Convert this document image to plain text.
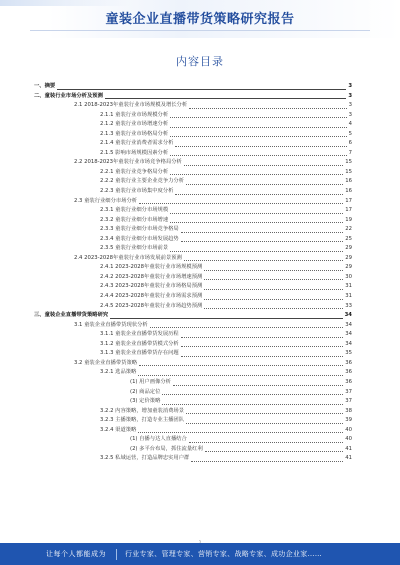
童装企业直播带货策略研究报告
内容目录
一、摘要	3
二、童装行业市场分析及预测	3
2.1 2018-2023年童装行业市场规模及增长分析	3
2.1.1 童装行业市场规模分析	3
2.1.2 童装行业市场增速分析	4
2.1.3 童装行业市场格局分析	5
2.1.4 童装行业消费者需求分析	6
2.1.5 影响市场规模因素分析	7
2.2 2018-2023年童装行业市场竞争格局分析	15
2.2.1 童装行业竞争格局分析	15
2.2.2 童装行业主要企业竞争力分析	16
2.2.3 童装行业市场集中度分析	16
2.3 童装行业细分市场分析	17
2.3.1 童装行业细分市场规模	17
2.3.2 童装行业细分市场增速	19
2.3.3 童装行业细分市场竞争格局	22
2.3.4 童装行业细分市场发展趋势	25
2.3.5 童装行业细分市场前景	29
2.4 2023-2028年童装行业市场发展前景预测	29
2.4.1 2023-2028年童装行业市场规模预测	29
2.4.2 2023-2028年童装行业市场增速预测	30
2.4.3 2023-2028年童装行业市场格局预测	31
2.4.4 2023-2028年童装行业市场需求预测	31
2.4.5 2023-2028年童装行业市场趋势预测	33
三、童装企业直播带货策略研究	34
3.1 童装企业直播带货现状分析	34
3.1.1 童装企业直播带货发展历程	34
3.1.2 童装企业直播带货模式分析	34
3.1.3 童装企业直播带货存在问题	35
3.2 童装企业直播带货策略	36
3.2.1 选品策略	36
(1) 用户画像分析	36
(2) 商品定位	37
(3) 定价策略	37
3.2.2 内容策略，增加童装消费场景	38
3.2.3 主播策略，打造专业主播团队	39
3.2.4 渠道策略	40
(1) 自播与达人直播结合	40
(2) 多平台布局，抓住流量红利	41
3.2.5 私域运营，打造品牌忠实用户群	41
让每个人都能成为	行业专家、管理专家、营销专家、战略专家、成功企业家……
